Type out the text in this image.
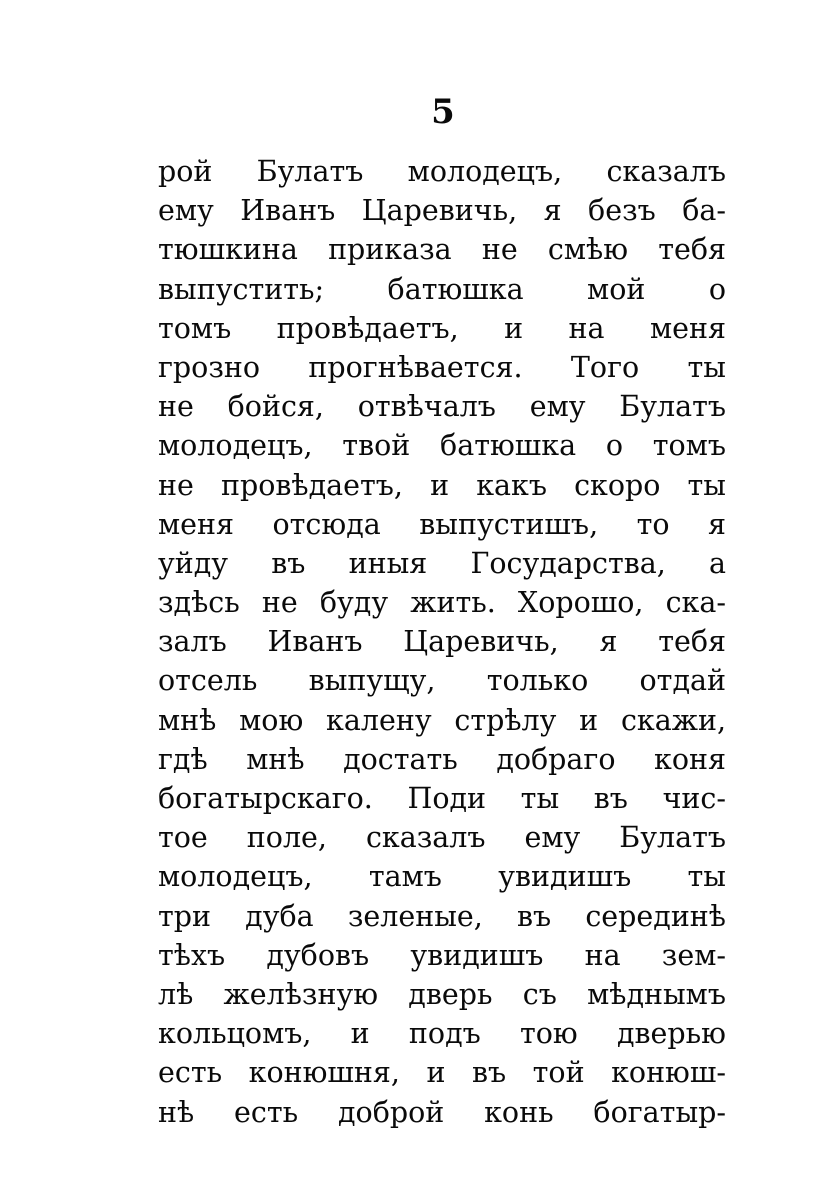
5
рой Булатъ молодецъ, сказалъ
ему Иванъ Царевичь, я безъ ба-
тюшкина приказа не смѣю тебя
выпустить; батюшка мой о
томъ провѣдаетъ, и на меня
грозно прогнѣвается. Того ты
не бойся, отвѣчалъ ему Булатъ
молодецъ, твой батюшка о томъ
не провѣдаетъ, и какъ скоро ты
меня отсюда выпустишъ, то я
уйду въ иныя Государства, а
здѣсь не буду жить. Хорошо, ска-
залъ Иванъ Царевичь, я тебя
отсель выпущу, только отдай
мнѣ мою калену стрѣлу и скажи,
гдѣ мнѣ достать добраго коня
богатырскаго. Поди ты въ чис-
тое поле, сказалъ ему Булатъ
молодецъ, тамъ увидишъ ты
три дуба зеленые, въ серединѣ
тѣхъ дубовъ увидишъ на зем-
лѣ желѣзную дверь съ мѣднымъ
кольцомъ, и подъ тою дверью
есть конюшня, и въ той конюш-
нѣ есть доброй конь богатыр-
